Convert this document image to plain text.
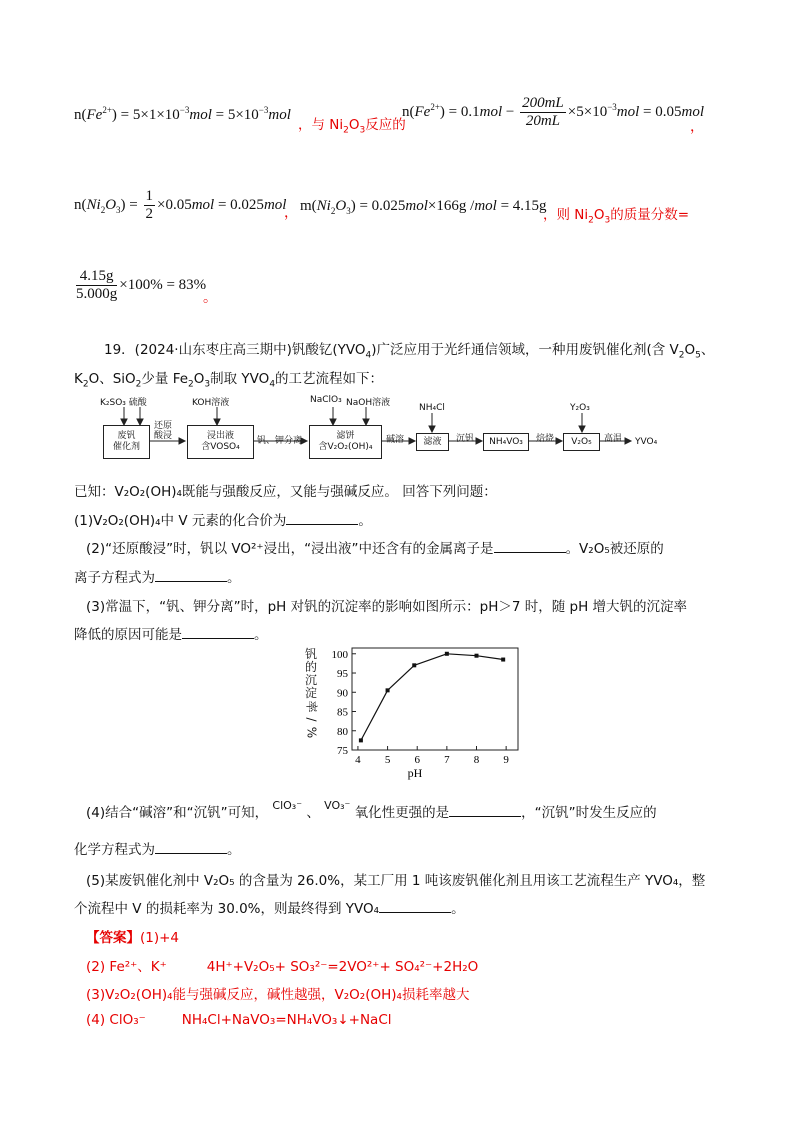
$n(Fe^{2+}) = 5\times 1\times 10^{-3}mol = 5\times 10^{-3}mol$
，与 $Ni_2O_3$反应的
$n(Fe^{2+}) = 0.1mol - \frac{200mL}{20mL} \times 5\times 10^{-3}mol = 0.05mol$
，
$n(Ni_2O_3) = \frac{1}{2} \times 0.05mol = 0.025mol$
， $m(Ni_2O_3) = 0.025mol\times 166g$ /mol = 4.15g
，则 $Ni_2O_3$的质量分数=
$\frac{4.15g}{5.000g} \times 100\% = 83\%$
。
19．(2024·山东枣庄高三期中)钒酸钇$(YVO_4)$广泛应用于光纤通信领域，一种用废钒催化剂(含 $V_2O_5$、
$K_2O$、SiO$_2$少量 $Fe_2O_3$制取 $YVO_4$的工艺流程如下：
K₂SO₃ 硫酸
废钒
催化剂
还原
酸浸
KOH溶液
浸出液
含VOSO₄
钒、钾分离
NaClO₃ NaOH溶液
滤饼
含V₂O₂(OH)₄
碱溶
NH₄Cl
滤液	沉钒	NH₄VO₃	焙烧
Y₂O₃
V₂O₅	高温 YVO₄
已知：V₂O₂(OH)₄既能与强酸反应，又能与强碱反应。 回答下列问题：
(1)V₂O₂(OH)₄中 V 元素的化合价为	。
(2)“还原酸浸”时，钒以 VO²⁺浸出，“浸出液”中还含有的金属离子是	。V₂O₅被还原的
离子方程式为	。
(3)常温下，“钒、钾分离”时，pH 对钒的沉淀率的影响如图所示：pH＞7 时，随 pH 增大钒的沉淀率
降低的原因可能是	。
钒
的
沉
淀
率
/
%
75
80
85
90
95
100
4 5 6 7 8 9
pH
(4)结合“碱溶”和“沉钒”可知， $^{ClO_3^-}$ 、 $^{VO_3^-}$ 氧化性更强的是	，“沉钒”时发生反应的
化学方程式为	。
(5)某废钒催化剂中 V₂O₅ 的含量为 26.0%，某工厂用 1 吨该废钒催化剂且用该工艺流程生产 YVO₄，整
个流程中 V 的损耗率为 30.0%，则最终得到 YVO₄	。
【答案】(1)+4
(2) Fe²⁺、K⁺	4H⁺+V₂O₅+ SO₃²⁻=2VO²⁺+ SO₄²⁻+2H₂O
(3)V₂O₂(OH)₄能与强碱反应，碱性越强，V₂O₂(OH)₄损耗率越大
(4) ClO₃⁻	NH₄Cl+NaVO₃=NH₄VO₃↓+NaCl
